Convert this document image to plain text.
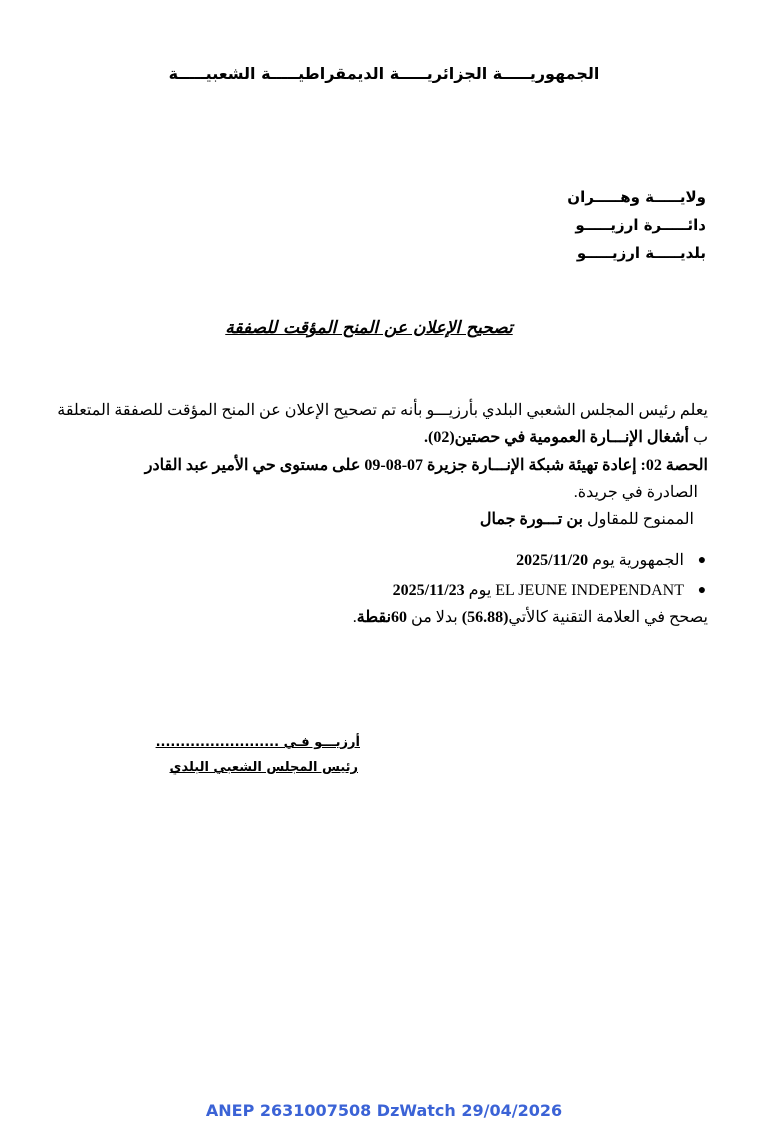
الجمهوريـــــة الجزائريـــــة الديمقراطيـــــة الشعبيـــــة
ولايـــــة وهـــــران
دائـــــرة ارزيـــــو
بلديـــــة ارزيـــــو
تصحيح الإعلان عن المنح المؤقت للصفقة
يعلم رئيس المجلس الشعبي البلدي بأرزيـــو بأنه تم تصحيح الإعلان عن المنح المؤقت للصفقة المتعلقة
ب أشغال الإنـــارة العمومية في حصتين(02).
الحصة 02: إعادة تهيئة شبكة الإنـــارة جزيرة 07-08-09 على مستوى حي الأمير عبد القادر
الصادرة في جريدة.
الممنوح للمقاول بن تـــورة جمال
●
الجمهورية يوم 2025/11/20
●
EL JEUNE INDEPENDANT يوم 2025/11/23
يصحح في العلامة التقنية كالأتي(56.88) بدلا من 60نقطة.
أرزيـــو فـي .........................
رئيس المجلس الشعبي البلدي
ANEP 2631007508 DzWatch 29/04/2026
